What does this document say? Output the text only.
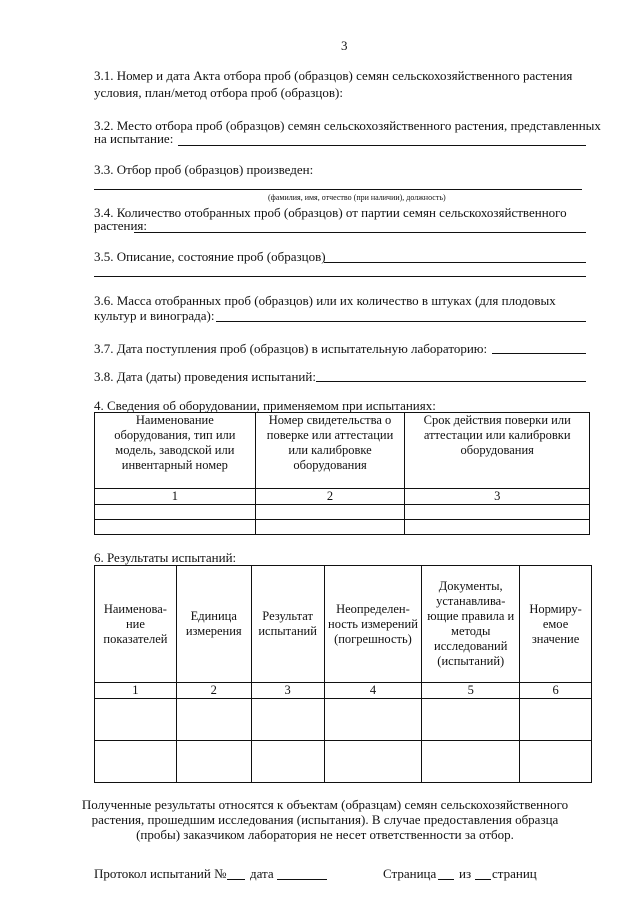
3
3.1. Номер и дата Акта отбора проб (образцов) семян сельскохозяйственного растения
условия, план/метод отбора проб (образцов):
3.2. Место отбора проб (образцов) семян сельскохозяйственного растения, представленных
на испытание:
3.3. Отбор проб (образцов) произведен:
(фамилия, имя, отчество (при наличии), должность)
3.4. Количество отобранных проб (образцов) от партии семян сельскохозяйственного
растения:
3.5. Описание, состояние проб (образцов)
3.6. Масса отобранных проб (образцов) или их количество в штуках (для плодовых
культур и винограда):
3.7. Дата поступления проб (образцов) в испытательную лабораторию:
3.8. Дата (даты) проведения испытаний:
4. Сведения об оборудовании, применяемом при испытаниях:
Наименование оборудования, тип или модель, заводской или инвентарный номер	Номер свидетельства о поверке или аттестации или калибровке оборудования	Срок действия поверки или аттестации или калибровки оборудования
1	2	3

6. Результаты испытаний:
Наименова-ние показателей	Единица измерения	Результат испытаний	Неопределен-ность измерений (погрешность)	Документы, устанавлива-ющие правила и методы исследований (испытаний)	Нормиру-емое значение
1	2	3	4	5	6

Полученные результаты относятся к объектам (образцам) семян сельскохозяйственного
растения, прошедшим исследования (испытания). В случае предоставления образца
(пробы) заказчиком лаборатория не несет ответственности за отбор.
Протокол испытаний № дата	Страница из страниц
